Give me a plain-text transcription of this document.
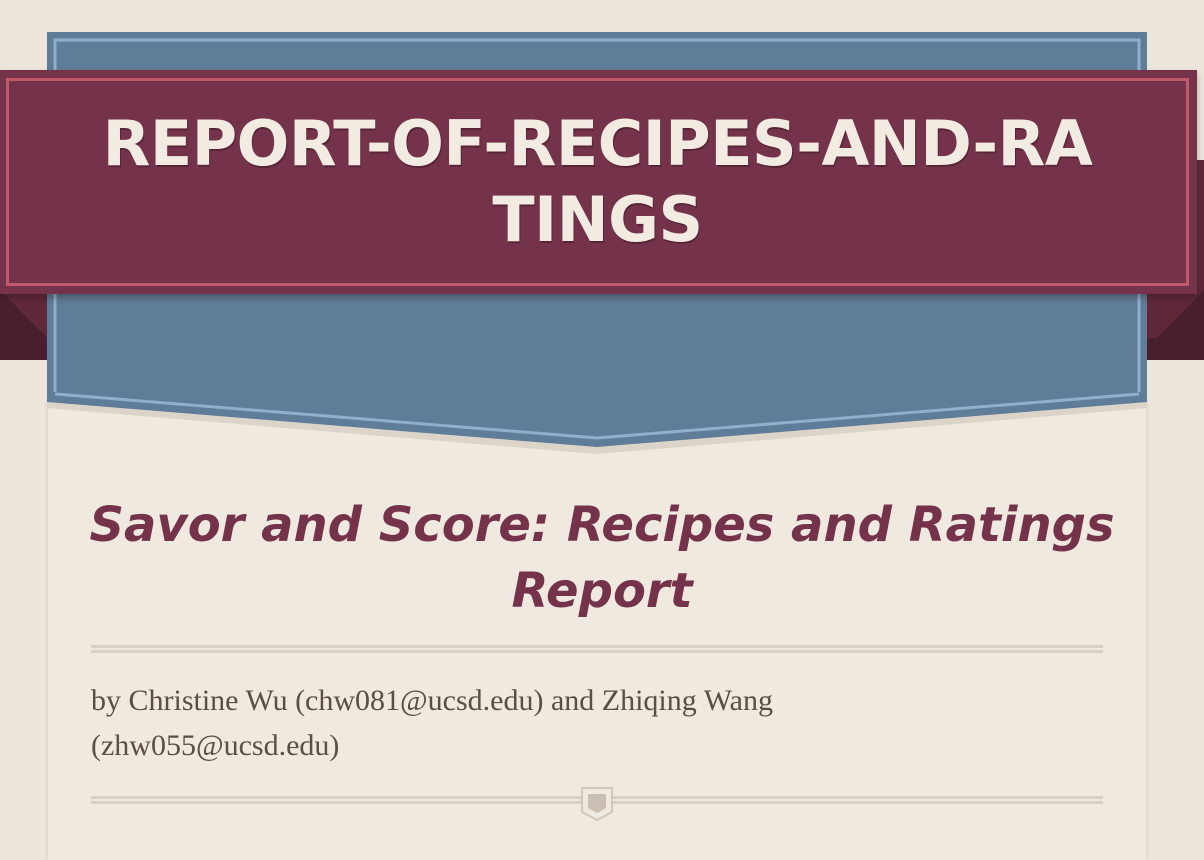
REPORT-OF-RECIPES-AND-RATINGS
Savor and Score: Recipes and Ratings Report
by Christine Wu (chw081@ucsd.edu) and Zhiqing Wang (zhw055@ucsd.edu)
